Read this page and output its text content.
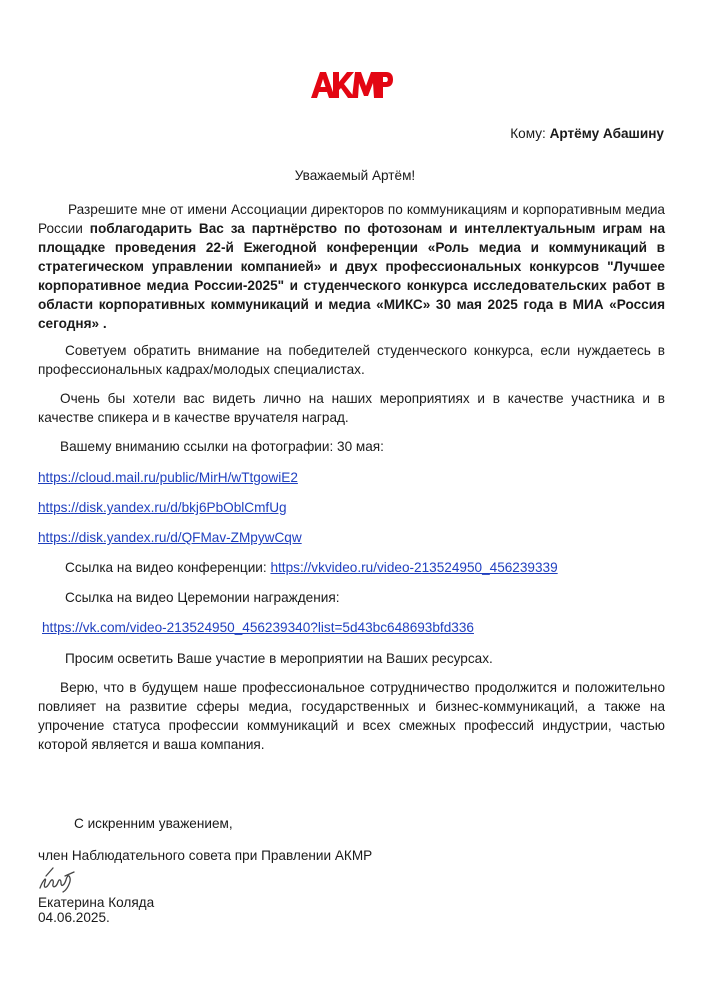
Кому: Артёму Абашину
Уважаемый Артём!
Разрешите мне от имени Ассоциации директоров по коммуникациям и корпоративным медиа России поблагодарить Вас за партнёрство по фотозонам и интеллектуальным играм на площадке проведения 22-й Ежегодной конференции «Роль медиа и коммуникаций в стратегическом управлении компанией» и двух профессиональных конкурсов "Лучшее корпоративное медиа России-2025" и студенческого конкурса исследовательских работ в области корпоративных коммуникаций и медиа «МИКС» 30 мая 2025 года в МИА «Россия сегодня» .
Советуем обратить внимание на победителей студенческого конкурса, если нуждаетесь в профессиональных кадрах/молодых специалистах.
Очень бы хотели вас видеть лично на наших мероприятиях и в качестве участника и в качестве спикера и в качестве вручателя наград.
Вашему вниманию ссылки на фотографии: 30 мая:
https://cloud.mail.ru/public/MirH/wTtgowiE2
https://disk.yandex.ru/d/bkj6PbOblCmfUg
https://disk.yandex.ru/d/QFMav-ZMpywCqw
Ссылка на видео конференции: https://vkvideo.ru/video-213524950_456239339
Ссылка на видео Церемонии награждения:
https://vk.com/video-213524950_456239340?list=5d43bc648693bfd336
Просим осветить Ваше участие в мероприятии на Ваших ресурсах.
Верю, что в будущем наше профессиональное сотрудничество продолжится и положительно повлияет на развитие сферы медиа, государственных и бизнес-коммуникаций, а также на упрочение статуса профессии коммуникаций и всех смежных профессий индустрии, частью которой является и ваша компания.
С искренним уважением,
член Наблюдательного совета при Правлении АКМР
Екатерина Коляда
04.06.2025.
